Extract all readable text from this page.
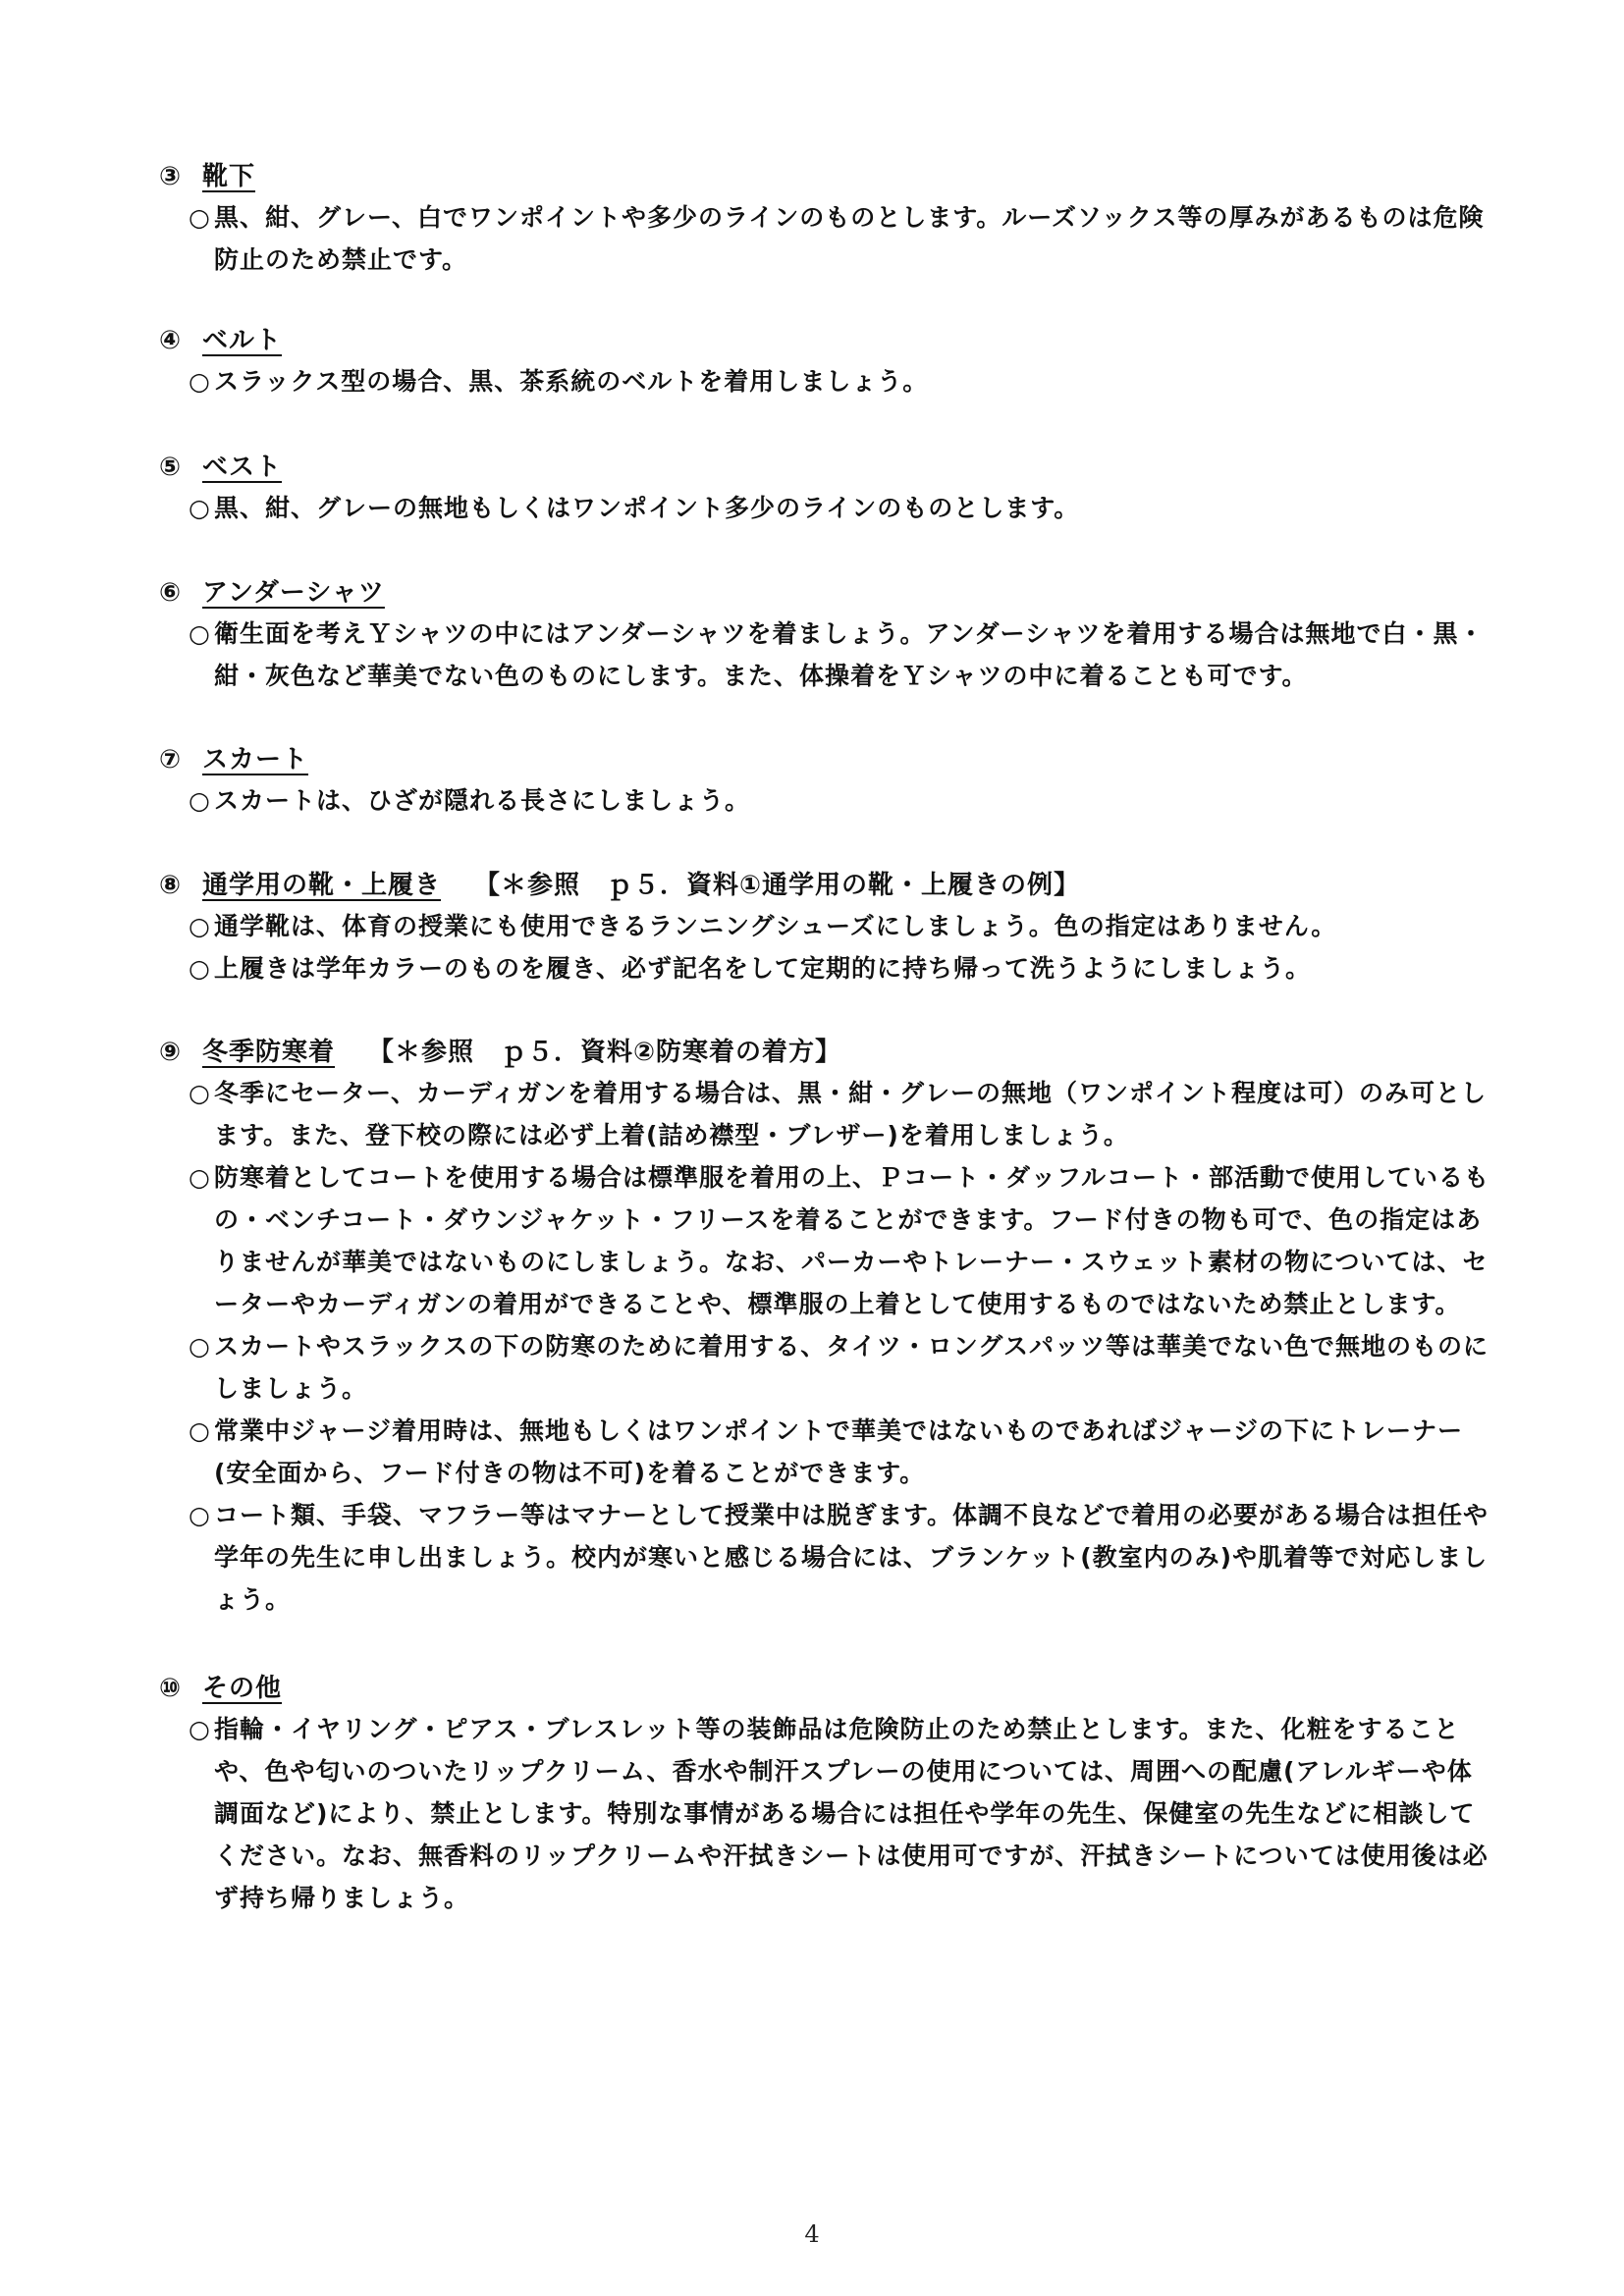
③ 靴下
○ 黒、紺、グレー、白でワンポイントや多少のラインのものとします。ルーズソックス等の厚みがあるものは危険防止のため禁止です。
④ ベルト
○ スラックス型の場合、黒、茶系統のベルトを着用しましょう。
⑤ ベスト
○ 黒、紺、グレーの無地もしくはワンポイント多少のラインのものとします。
⑥ アンダーシャツ
○ 衛生面を考えＹシャツの中にはアンダーシャツを着ましょう。アンダーシャツを着用する場合は無地で白・黒・紺・灰色など華美でない色のものにします。また、体操着をＹシャツの中に着ることも可です。
⑦ スカート
○ スカートは、ひざが隠れる長さにしましょう。
⑧ 通学用の靴・上履き 【＊参照　ｐ５．資料①通学用の靴・上履きの例】
○ 通学靴は、体育の授業にも使用できるランニングシューズにしましょう。色の指定はありません。
○ 上履きは学年カラーのものを履き、必ず記名をして定期的に持ち帰って洗うようにしましょう。
⑨ 冬季防寒着 【＊参照　ｐ５．資料②防寒着の着方】
○ 冬季にセーター、カーディガンを着用する場合は、黒・紺・グレーの無地（ワンポイント程度は可）のみ可とします。また、登下校の際には必ず上着(詰め襟型・ブレザー)を着用しましょう。
○ 防寒着としてコートを使用する場合は標準服を着用の上、Ｐコート・ダッフルコート・部活動で使用しているもの・ベンチコート・ダウンジャケット・フリースを着ることができます。フード付きの物も可で、色の指定はありませんが華美ではないものにしましょう。なお、パーカーやトレーナー・スウェット素材の物については、セーターやカーディガンの着用ができることや、標準服の上着として使用するものではないため禁止とします。
○ スカートやスラックスの下の防寒のために着用する、タイツ・ロングスパッツ等は華美でない色で無地のものにしましょう。
○ 常業中ジャージ着用時は、無地もしくはワンポイントで華美ではないものであればジャージの下にトレーナー(安全面から、フード付きの物は不可)を着ることができます。
○ コート類、手袋、マフラー等はマナーとして授業中は脱ぎます。体調不良などで着用の必要がある場合は担任や学年の先生に申し出ましょう。校内が寒いと感じる場合には、ブランケット(教室内のみ)や肌着等で対応しましょう。
⑩ その他
○ 指輪・イヤリング・ピアス・ブレスレット等の装飾品は危険防止のため禁止とします。また、化粧をすることや、色や匂いのついたリップクリーム、香水や制汗スプレーの使用については、周囲への配慮(アレルギーや体調面など)により、禁止とします。特別な事情がある場合には担任や学年の先生、保健室の先生などに相談してください。なお、無香料のリップクリームや汗拭きシートは使用可ですが、汗拭きシートについては使用後は必ず持ち帰りましょう。
4
